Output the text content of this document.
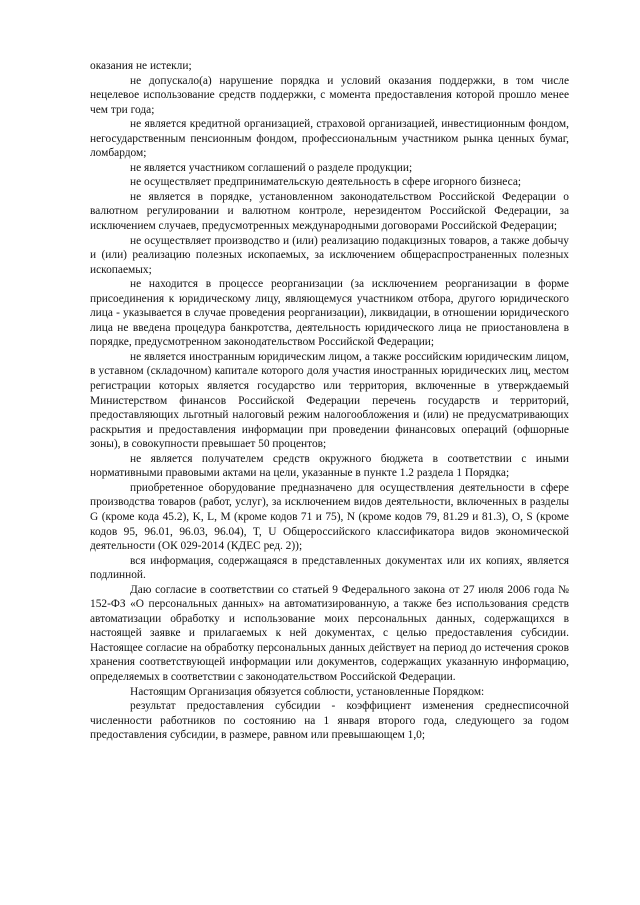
оказания не истекли;

не допускало(а) нарушение порядка и условий оказания поддержки, в том числе нецелевое использование средств поддержки, с момента предоставления которой прошло менее чем три года;

не является кредитной организацией, страховой организацией, инвестиционным фондом, негосударственным пенсионным фондом, профессиональным участником рынка ценных бумаг, ломбардом;

не является участником соглашений о разделе продукции;

не осуществляет предпринимательскую деятельность в сфере игорного бизнеса;

не является в порядке, установленном законодательством Российской Федерации о валютном регулировании и валютном контроле, нерезидентом Российской Федерации, за исключением случаев, предусмотренных международными договорами Российской Федерации;

не осуществляет производство и (или) реализацию подакцизных товаров, а также добычу и (или) реализацию полезных ископаемых, за исключением общераспространенных полезных ископаемых;

не находится в процессе реорганизации (за исключением реорганизации в форме присоединения к юридическому лицу, являющемуся участником отбора, другого юридического лица - указывается в случае проведения реорганизации), ликвидации, в отношении юридического лица не введена процедура банкротства, деятельность юридического лица не приостановлена в порядке, предусмотренном законодательством Российской Федерации;

не является иностранным юридическим лицом, а также российским юридическим лицом, в уставном (складочном) капитале которого доля участия иностранных юридических лиц, местом регистрации которых является государство или территория, включенные в утверждаемый Министерством финансов Российской Федерации перечень государств и территорий, предоставляющих льготный налоговый режим налогообложения и (или) не предусматривающих раскрытия и предоставления информации при проведении финансовых операций (офшорные зоны), в совокупности превышает 50 процентов;

не является получателем средств окружного бюджета в соответствии с иными нормативными правовыми актами на цели, указанные в пункте 1.2 раздела 1 Порядка;

приобретенное оборудование предназначено для осуществления деятельности в сфере производства товаров (работ, услуг), за исключением видов деятельности, включенных в разделы G (кроме кода 45.2), K, L, M (кроме кодов 71 и 75), N (кроме кодов 79, 81.29 и 81.3), O, S (кроме кодов 95, 96.01, 96.03, 96.04), T, U Общероссийского классификатора видов экономической деятельности (ОК 029-2014 (КДЕС ред. 2));

вся информация, содержащаяся в представленных документах или их копиях, является подлинной.

Даю согласие в соответствии со статьей 9 Федерального закона от 27 июля 2006 года № 152-ФЗ «О персональных данных» на автоматизированную, а также без использования средств автоматизации обработку и использование моих персональных данных, содержащихся в настоящей заявке и прилагаемых к ней документах, с целью предоставления субсидии. Настоящее согласие на обработку персональных данных действует на период до истечения сроков хранения соответствующей информации или документов, содержащих указанную информацию, определяемых в соответствии с законодательством Российской Федерации.

Настоящим Организация обязуется соблюсти, установленные Порядком:

результат предоставления субсидии - коэффициент изменения среднесписочной численности работников по состоянию на 1 января второго года, следующего за годом предоставления субсидии, в размере, равном или превышающем 1,0;
